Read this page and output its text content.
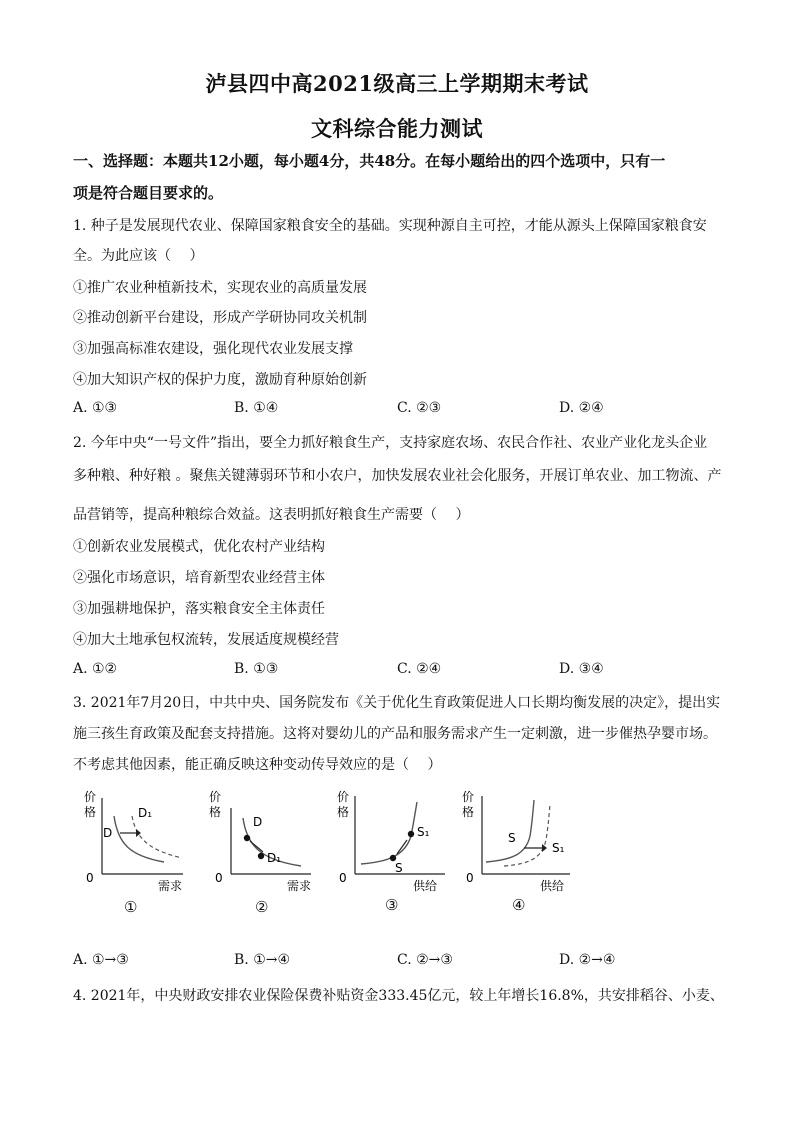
泸县四中高2021级高三上学期期末考试
文科综合能力测试
一、选择题：本题共12小题，每小题4分，共48分。在每小题给出的四个选项中，只有一
项是符合题目要求的。
1. 种子是发展现代农业、保障国家粮食安全的基础。实现种源自主可控，才能从源头上保障国家粮食安
全。为此应该（　 ）
①推广农业种植新技术，实现农业的高质量发展
②推动创新平台建设，形成产学研协同攻关机制
③加强高标准农建设，强化现代农业发展支撑
④加大知识产权的保护力度，激励育种原始创新
A. ①③	B. ①④	C. ②③	D. ②④
2. 今年中央“一号文件”指出，要全力抓好粮食生产，支持家庭农场、农民合作社、农业产业化龙头企业
多种粮、种好粮 。聚焦关键薄弱环节和小农户，加快发展农业社会化服务，开展订单农业、加工物流、产
品营销等，提高种粮综合效益。这表明抓好粮食生产需要（　 ）
①创新农业发展模式，优化农村产业结构
②强化市场意识，培育新型农业经营主体
③加强耕地保护，落实粮食安全主体责任
④加大土地承包权流转，发展适度规模经营
A. ①②	B. ①③	C. ②④	D. ③④
3. 2021年7月20日，中共中央、国务院发布《关于优化生育政策促进人口长期均衡发展的决定》，提出实
施三孩生育政策及配套支持措施。这将对婴幼儿的产品和服务需求产生一定刺激，进一步催热孕婴市场。
不考虑其他因素，能正确反映这种变动传导效应的是（　 ）
价
格
0
需求
D
D₁
①
价
格
0
需求
D
D₁
②
价
格
0
供给
S
S₁
③
价
格
0
供给
S
S₁
④
A. ①→③	B. ①→④	C. ②→③	D. ②→④
4. 2021年，中央财政安排农业保险保费补贴资金333.45亿元，较上年增长16.8%，共安排稻谷、小麦、
